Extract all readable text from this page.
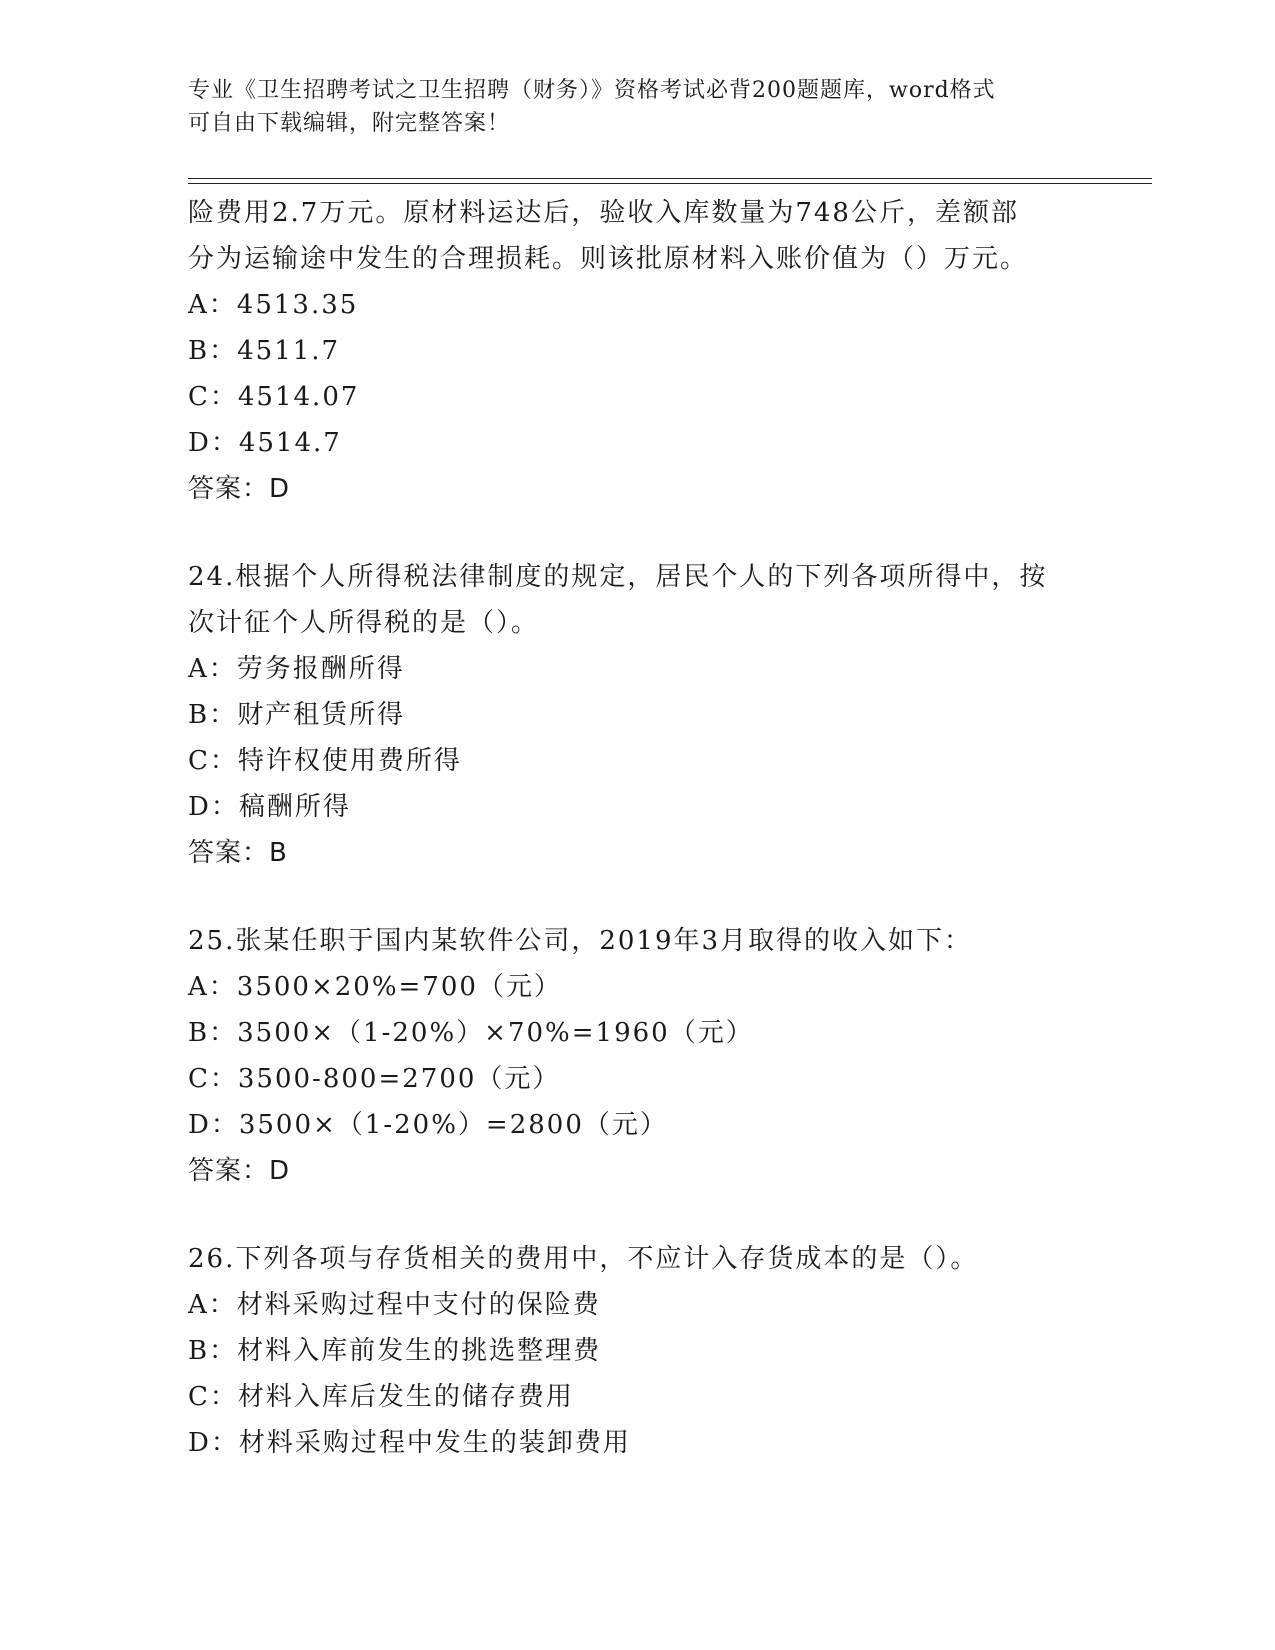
专业《卫生招聘考试之卫生招聘（财务）》资格考试必背200题题库，word格式
可自由下载编辑，附完整答案！
险费用2.7万元。原材料运达后，验收入库数量为748公斤，差额部
分为运输途中发生的合理损耗。则该批原材料入账价值为（）万元。
A：4513.35
B：4511.7
C：4514.07
D：4514.7
答案：D
24.根据个人所得税法律制度的规定，居民个人的下列各项所得中，按
次计征个人所得税的是（）。
A：劳务报酬所得
B：财产租赁所得
C：特许权使用费所得
D：稿酬所得
答案：B
25.张某任职于国内某软件公司，2019年3月取得的收入如下：
A：3500×20%=700（元）
B：3500×（1-20%）×70%=1960（元）
C：3500-800=2700（元）
D：3500×（1-20%）=2800（元）
答案：D
26.下列各项与存货相关的费用中，不应计入存货成本的是（）。
A：材料采购过程中支付的保险费
B：材料入库前发生的挑选整理费
C：材料入库后发生的储存费用
D：材料采购过程中发生的装卸费用
